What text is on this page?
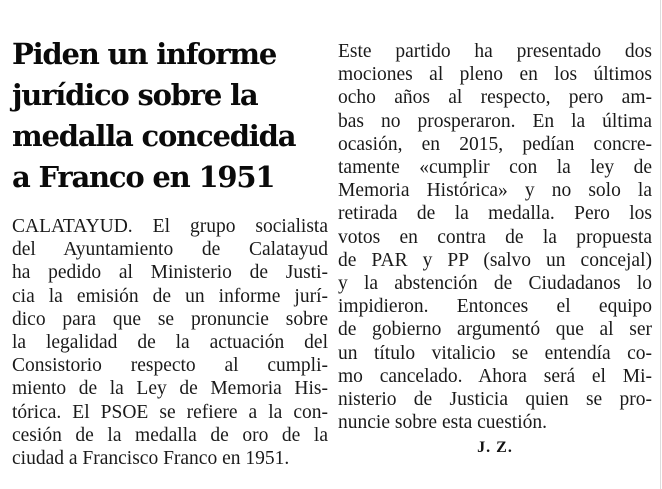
Piden un informe
jurídico sobre la
medalla concedida
a Franco en 1951

CALATAYUD. El grupo socialista
del Ayuntamiento de Calatayud
ha pedido al Ministerio de Justi-
cia la emisión de un informe jurí-
dico para que se pronuncie sobre
la legalidad de la actuación del
Consistorio respecto al cumpli-
miento de la Ley de Memoria His-
tórica. El PSOE se refiere a la con-
cesión de la medalla de oro de la
ciudad a Francisco Franco en 1951.

Este partido ha presentado dos
mociones al pleno en los últimos
ocho años al respecto, pero am-
bas no prosperaron. En la última
ocasión, en 2015, pedían concre-
tamente «cumplir con la ley de
Memoria Histórica» y no solo la
retirada de la medalla. Pero los
votos en contra de la propuesta
de PAR y PP (salvo un concejal)
y la abstención de Ciudadanos lo
impidieron. Entonces el equipo
de gobierno argumentó que al ser
un título vitalicio se entendía co-
mo cancelado. Ahora será el Mi-
nisterio de Justicia quien se pro-
nuncie sobre esta cuestión.

J. Z.
